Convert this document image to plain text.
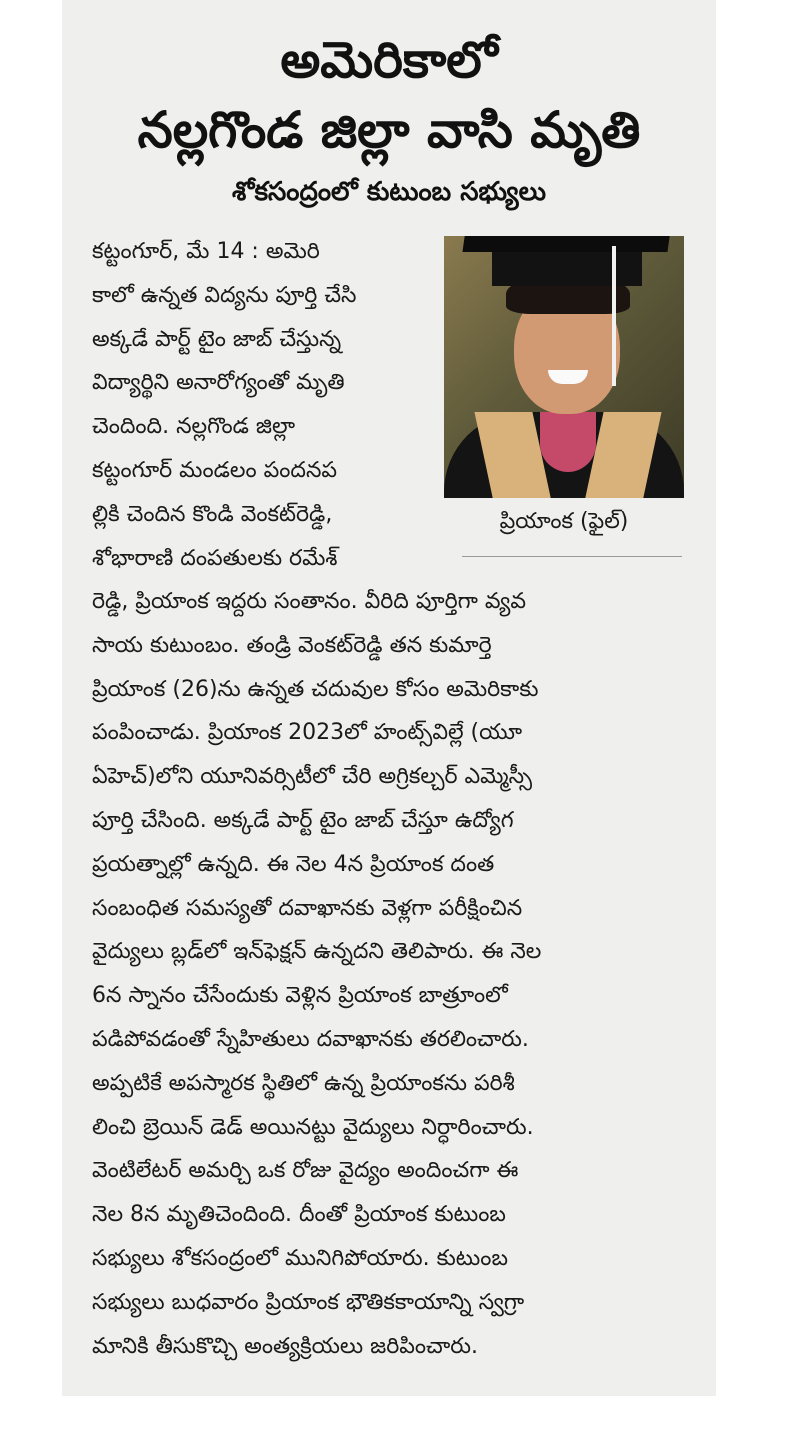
అమెరికాలో
నల్లగొండ జిల్లా వాసి మృతి
శోకసంద్రంలో కుటుంబ సభ్యులు
కట్టంగూర్, మే 14 : అమెరి
కాలో ఉన్నత విద్యను పూర్తి చేసి
అక్కడే పార్ట్ టైం జాబ్ చేస్తున్న
విద్యార్థిని అనారోగ్యంతో మృతి
చెందింది. నల్లగొండ జిల్లా
కట్టంగూర్ మండలం పందనప
ల్లికి చెందిన కొండి వెంకట్‌రెడ్డి,
శోభారాణి దంపతులకు రమేశ్
ప్రియాంక (ఫైల్)
రెడ్డి, ప్రియాంక ఇద్దరు సంతానం. వీరిది పూర్తిగా వ్యవ
సాయ కుటుంబం. తండ్రి వెంకట్‌రెడ్డి తన కుమార్తె
ప్రియాంక (26)ను ఉన్నత చదువుల కోసం అమెరికాకు
పంపించాడు. ప్రియాంక 2023లో హంట్స్‌విల్లే (యూ
ఏహెచ్)లోని యూనివర్సిటీలో చేరి అగ్రికల్చర్ ఎమ్మెస్సీ
పూర్తి చేసింది. అక్కడే పార్ట్ టైం జాబ్ చేస్తూ ఉద్యోగ
ప్రయత్నాల్లో ఉన్నది. ఈ నెల 4న ప్రియాంక దంత
సంబంధిత సమస్యతో దవాఖానకు వెళ్లగా పరీక్షించిన
వైద్యులు బ్లడ్‌లో ఇన్‌ఫెక్షన్ ఉన్నదని తెలిపారు. ఈ నెల
6న స్నానం చేసేందుకు వెళ్లిన ప్రియాంక బాత్రూంలో
పడిపోవడంతో స్నేహితులు దవాఖానకు తరలించారు.
అప్పటికే అపస్మారక స్థితిలో ఉన్న ప్రియాంకను పరిశీ
లించి బ్రెయిన్ డెడ్ అయినట్టు వైద్యులు నిర్ధారించారు.
వెంటిలేటర్ అమర్చి ఒక రోజు వైద్యం అందించగా ఈ
నెల 8న మృతిచెందింది. దీంతో ప్రియాంక కుటుంబ
సభ్యులు శోకసంద్రంలో మునిగిపోయారు. కుటుంబ
సభ్యులు బుధవారం ప్రియాంక భౌతికకాయాన్ని స్వగ్రా
మానికి తీసుకొచ్చి అంత్యక్రియలు జరిపించారు.
